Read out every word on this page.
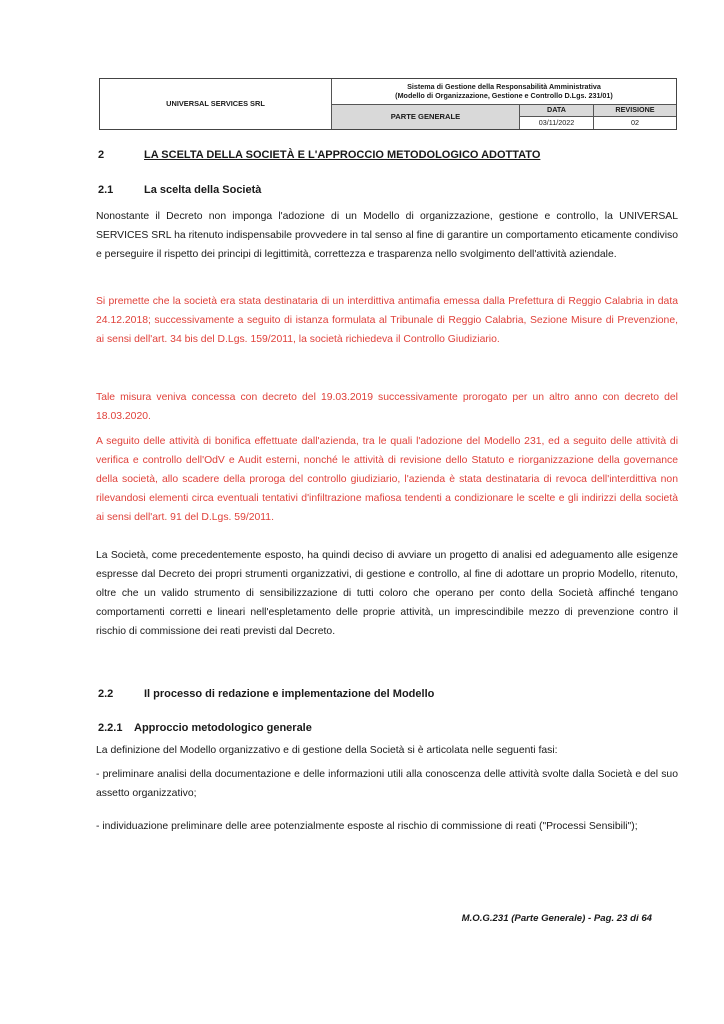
UNIVERSAL SERVICES SRL
Sistema di Gestione della Responsabilità Amministrativa
(Modello di Organizzazione, Gestione e Controllo D.Lgs. 231/01)
PARTE GENERALE
DATA	REVISIONE
03/11/2022	02
2	LA SCELTA DELLA SOCIETÀ E L'APPROCCIO METODOLOGICO ADOTTATO
2.1	La scelta della Società

Nonostante il Decreto non imponga l'adozione di un Modello di organizzazione, gestione e controllo, la UNIVERSAL SERVICES SRL ha ritenuto indispensabile provvedere in tal senso al fine di garantire un comportamento eticamente condiviso e perseguire il rispetto dei principi di legittimità, correttezza e trasparenza nello svolgimento dell'attività aziendale.

Si premette che la società era stata destinataria di un interdittiva antimafia emessa dalla Prefettura di Reggio Calabria in data 24.12.2018; successivamente a seguito di istanza formulata al Tribunale di Reggio Calabria, Sezione Misure di Prevenzione, ai sensi dell'art. 34 bis del D.Lgs. 159/2011, la società richiedeva il Controllo Giudiziario.

Tale misura veniva concessa con decreto del 19.03.2019 successivamente prorogato per un altro anno con decreto del 18.03.2020.

A seguito delle attività di bonifica effettuate dall'azienda, tra le quali l'adozione del Modello 231, ed a seguito delle attività di verifica e controllo dell'OdV e Audit esterni, nonché le attività di revisione dello Statuto e riorganizzazione della governance della società, allo scadere della proroga del controllo giudiziario, l'azienda è stata destinataria di revoca dell'interdittiva non rilevandosi elementi circa eventuali tentativi d'infiltrazione mafiosa tendenti a condizionare le scelte e gli indirizzi della società ai sensi dell'art. 91 del D.Lgs. 59/2011.

La Società, come precedentemente esposto, ha quindi deciso di avviare un progetto di analisi ed adeguamento alle esigenze espresse dal Decreto dei propri strumenti organizzativi, di gestione e controllo, al fine di adottare un proprio Modello, ritenuto, oltre che un valido strumento di sensibilizzazione di tutti coloro che operano per conto della Società affinché tengano comportamenti corretti e lineari nell'espletamento delle proprie attività, un imprescindibile mezzo di prevenzione contro il rischio di commissione dei reati previsti dal Decreto.

2.2	Il processo di redazione e implementazione del Modello
2.2.1 Approccio metodologico generale

La definizione del Modello organizzativo e di gestione della Società si è articolata nelle seguenti fasi:

- preliminare analisi della documentazione e delle informazioni utili alla conoscenza delle attività svolte dalla Società e del suo assetto organizzativo;

- individuazione preliminare delle aree potenzialmente esposte al rischio di commissione di reati ("Processi Sensibili");

M.O.G.231 (Parte Generale) - Pag. 23 di 64
